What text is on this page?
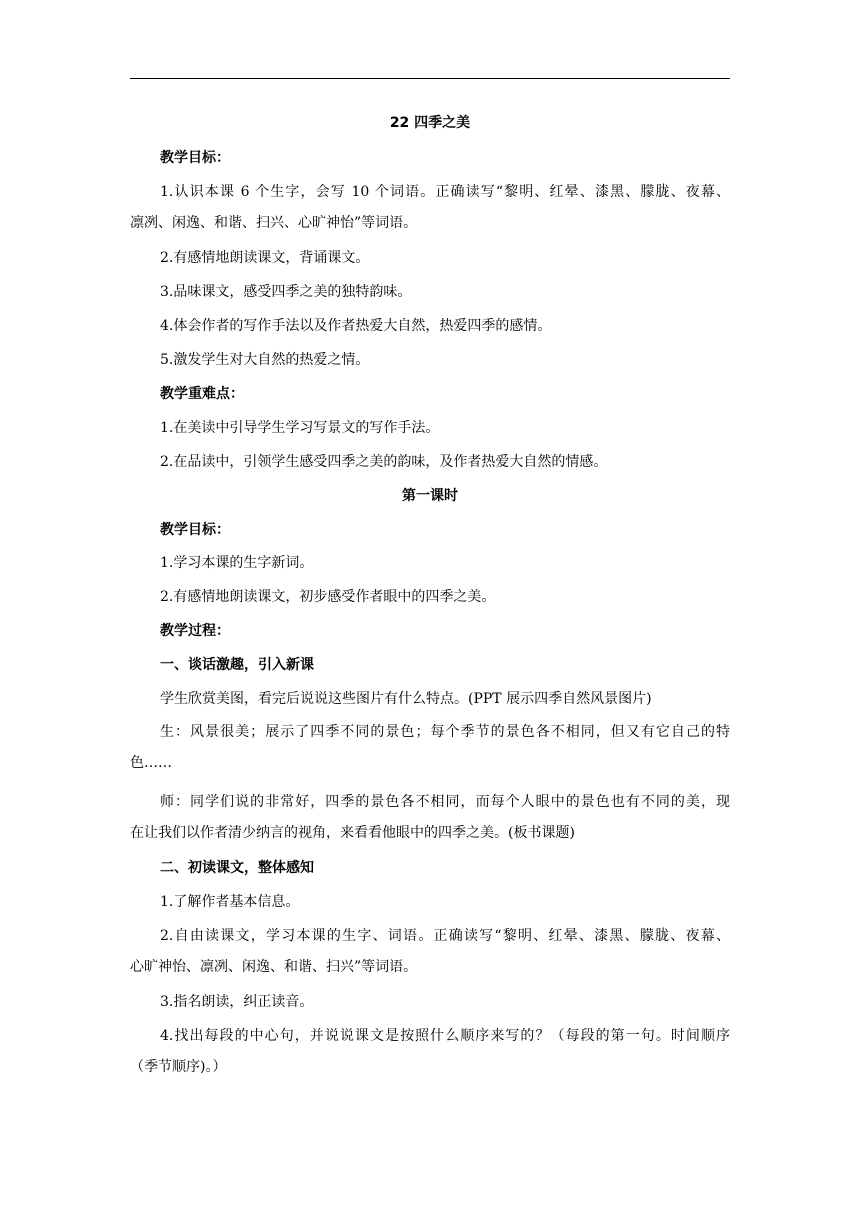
22 四季之美
教学目标：
1.认识本课 6 个生字，会写 10 个词语。正确读写“黎明、红晕、漆黑、朦胧、夜幕、
凛冽、闲逸、和谐、扫兴、心旷神怡”等词语。
2.有感情地朗读课文，背诵课文。
3.品味课文，感受四季之美的独特韵味。
4.体会作者的写作手法以及作者热爱大自然，热爱四季的感情。
5.激发学生对大自然的热爱之情。
教学重难点：
1.在美读中引导学生学习写景文的写作手法。
2.在品读中，引领学生感受四季之美的韵味，及作者热爱大自然的情感。
第一课时
教学目标：
1.学习本课的生字新词。
2.有感情地朗读课文，初步感受作者眼中的四季之美。
教学过程：
一、谈话激趣，引入新课
学生欣赏美图，看完后说说这些图片有什么特点。(PPT 展示四季自然风景图片)
生：风景很美；展示了四季不同的景色；每个季节的景色各不相同，但又有它自己的特
色……
师：同学们说的非常好，四季的景色各不相同，而每个人眼中的景色也有不同的美，现
在让我们以作者清少纳言的视角，来看看他眼中的四季之美。(板书课题)
二、初读课文，整体感知
1.了解作者基本信息。
2.自由读课文，学习本课的生字、词语。正确读写“黎明、红晕、漆黑、朦胧、夜幕、
心旷神怡、凛冽、闲逸、和谐、扫兴”等词语。
3.指名朗读，纠正读音。
4.找出每段的中心句，并说说课文是按照什么顺序来写的？（每段的第一句。时间顺序
（季节顺序)。）
